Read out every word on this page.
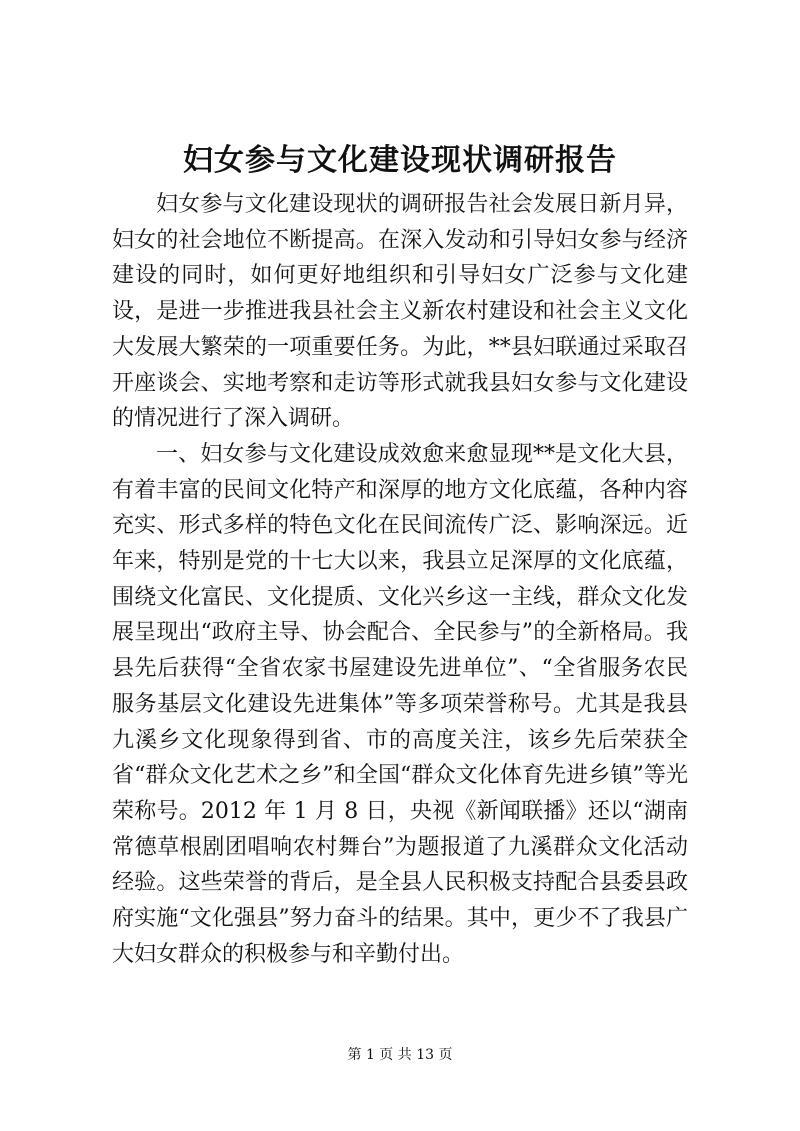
妇女参与文化建设现状调研报告

妇女参与文化建设现状的调研报告社会发展日新月异，妇女的社会地位不断提高。在深入发动和引导妇女参与经济建设的同时，如何更好地组织和引导妇女广泛参与文化建设，是进一步推进我县社会主义新农村建设和社会主义文化大发展大繁荣的一项重要任务。为此，**县妇联通过采取召开座谈会、实地考察和走访等形式就我县妇女参与文化建设的情况进行了深入调研。

一、妇女参与文化建设成效愈来愈显现**是文化大县，有着丰富的民间文化特产和深厚的地方文化底蕴，各种内容充实、形式多样的特色文化在民间流传广泛、影响深远。近年来，特别是党的十七大以来，我县立足深厚的文化底蕴，围绕文化富民、文化提质、文化兴乡这一主线，群众文化发展呈现出“政府主导、协会配合、全民参与”的全新格局。我县先后获得“全省农家书屋建设先进单位”、“全省服务农民服务基层文化建设先进集体”等多项荣誉称号。尤其是我县九溪乡文化现象得到省、市的高度关注，该乡先后荣获全省“群众文化艺术之乡”和全国“群众文化体育先进乡镇”等光荣称号。2012 年 1 月 8 日，央视《新闻联播》还以“湖南常德草根剧团唱响农村舞台”为题报道了九溪群众文化活动经验。这些荣誉的背后，是全县人民积极支持配合县委县政府实施“文化强县”努力奋斗的结果。其中，更少不了我县广大妇女群众的积极参与和辛勤付出。

第 1 页 共 13 页
